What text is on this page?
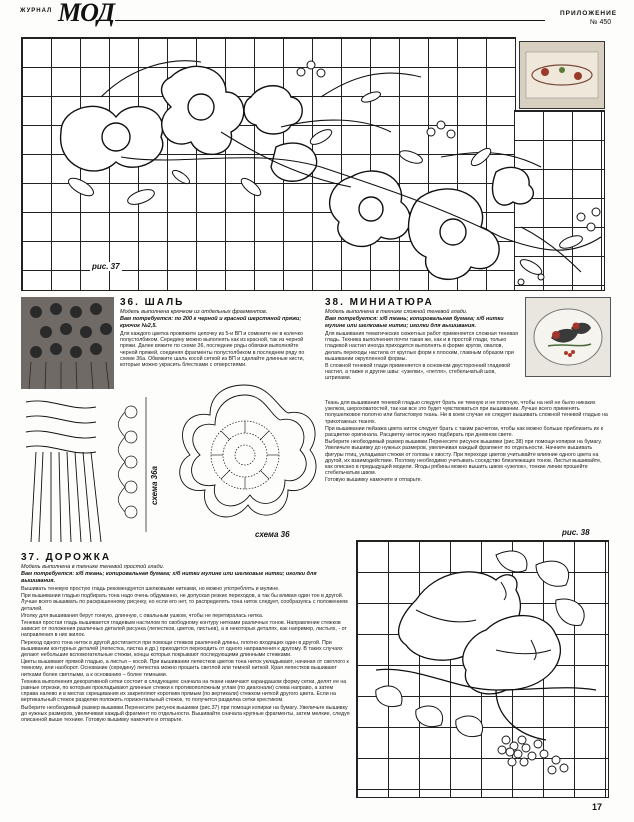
ЖУРНАЛ МОД	ПРИЛОЖЕНИЕ
№ 450
рис. 37
36. ШАЛЬ
Модель выполнена крючком из отдельных фрагментов.
Вам потребуется: по 200 г черной и красной шерстяной пряжи; крючок №2,5.

Для каждого цветка провяжите цепочку из 5-и ВП и сомкните ее в колечко полустолбиком. Середину можно выполнять как из красной, так из черной пряжи. Далее вяжите по схеме 36, последние ряды обвязки выполняйте черной пряжей, соединяя фрагменты полустолбиком в последнем ряду по схеме 36а. Обвяжите шаль косой сеткой из ВП и сделайте длинные кисти, которые можно украсить блестками с отверстиями.

схема 36а
схема 36
38. МИНИАТЮРА
Модель выполнена в технике сложной теневой глади.
Вам потребуется: х/б ткань; копировальная бумага; х/б нитки мулине или шелковые нитки; иголки для вышивания.

Для вышивания тематических сюжетных работ применяется сложная теневая гладь. Техника выполнения почти такая же, как и в простой глади, только гладевой настил иногда приходится выполнять в форме кругов, овалов, делать переходы настила от круглых форм к плоским, главным образом при вышивании окрупленной формы.

В сложной теневой глади применяется в основном двусторонний гладевой настил, а также и другие швы: «узелки», «петля», стебельчатый шов, штрихами.

Ткань для вышивания теневой гладью следует брать не темную и не плотную, чтобы на ней не было никаких узелков, шероховатостей, так как все это будет чувствоваться при вышивании. Лучше всего применять полушелковое полотно или батистовую ткань. Ни в коем случае не следует вышивать сложной теневой гладью на трикотажных тканях.

При вышивании пейзажа цвета ниток следует брать с таким расчетом, чтобы как можно больше приблизить их к расцветке оригинала. Расцветку ниток нужно подбирать при дневном свете.

Выберите необходимый размер вышивки.Перенесите рисунок вышивки (рис.38) при помощи копирки на бумагу. Увеличьте вышивку до нужных размеров, увеличивая каждый фрагмент по отдельности. Начните вышивать фигуры птиц, укладывая стежки от головы к хвосту. При переходе цветов учитывайте влияние одного цвета на другой, их взаимодействие. Поэтому необходимо учитывать соседство близлежащих тонов. Листья вышивайте, как описано в предыдущей модели. Ягоды рябины можно вышить швом «узелок», тонкие линии прошейте стебельчатым швом.

Готовую вышивку намочите и отпарьте.

37. ДОРОЖКА
Модель выполнена в технике теневой простой глади.
Вам потребуется: х/б ткань; копировальная бумага; х/б нитки мулине или шелковые нитки; иголки для вышивания.

Вышивать теневую простую гладь рекомендуется шелковыми нитками, но можно употреблять и мулине.

При вышивании гладью подбирать тона надо очень обдуманно, не допуская резких переходов, а так бы вливая один тон в другой. Лучше всего вышивать по раскрашенному рисунку, но если его нет, то распределять тона ниток следует, сообразуясь с положением деталей.

Иголку для вышивания берут тонкую, длинную, с овальным ушком, чтобы не перетиралась нитка.

Теневая простая гладь вышивается гладевым настилом по свободному контуру нитками различных тонов. Направление стежков зависит от положения различных деталей рисунка (лепестков, цветов, листьев), а в некоторых деталях, как например, листьях, - от направления в них жилок.

Переход одного тона ниток в другой достигается при помощи стежков различной длины, плотно входящих один в другой. При вышивании контурных деталей (лепестка, листка и др.) приходится переходить от одного направления к другому. В таких случаях делают небольшие вспомогательные стежки, концы которых покрывают последующими длинными стежками.

Цветы вышивают прямой гладью, а листья – косой. При вышивании лепестков цветов тона ниток укладывают, начиная от светлого к темному, или наоборот. Основание (середину) лепестка можно прошить светлой или темной ниткой. Края лепестков вышивают нитками более светлыми, а к основанию – более темными.

Техника выполнения декоративной сетки состоит в следующем: сначала на ткани намечают карандашом форму сетки, делят ее на равные отрезки, по которым прокладывают длинные стежки к противоположным углам (по диагонали) слева направо, а затем справа налево и в местах скрещивания их закрепляют коротким прямым (по вертикали) стежком ниткой другого цвета. Если на вертикальный стежок разделки положить горизонтальный стежок, то получится разделка сетки крестиком.

Выберите необходимый размер вышивки.Перенесите рисунок вышивки (рис.37) при помощи копирки на бумагу. Увеличьте вышивку до нужных размеров, увеличивая каждый фрагмент по отдельности. Вышивайте сначала крупные фрагменты, затем мелкие, следуя описанной выше технике. Готовую вышивку намочите и отпарьте.

рис. 38
17
